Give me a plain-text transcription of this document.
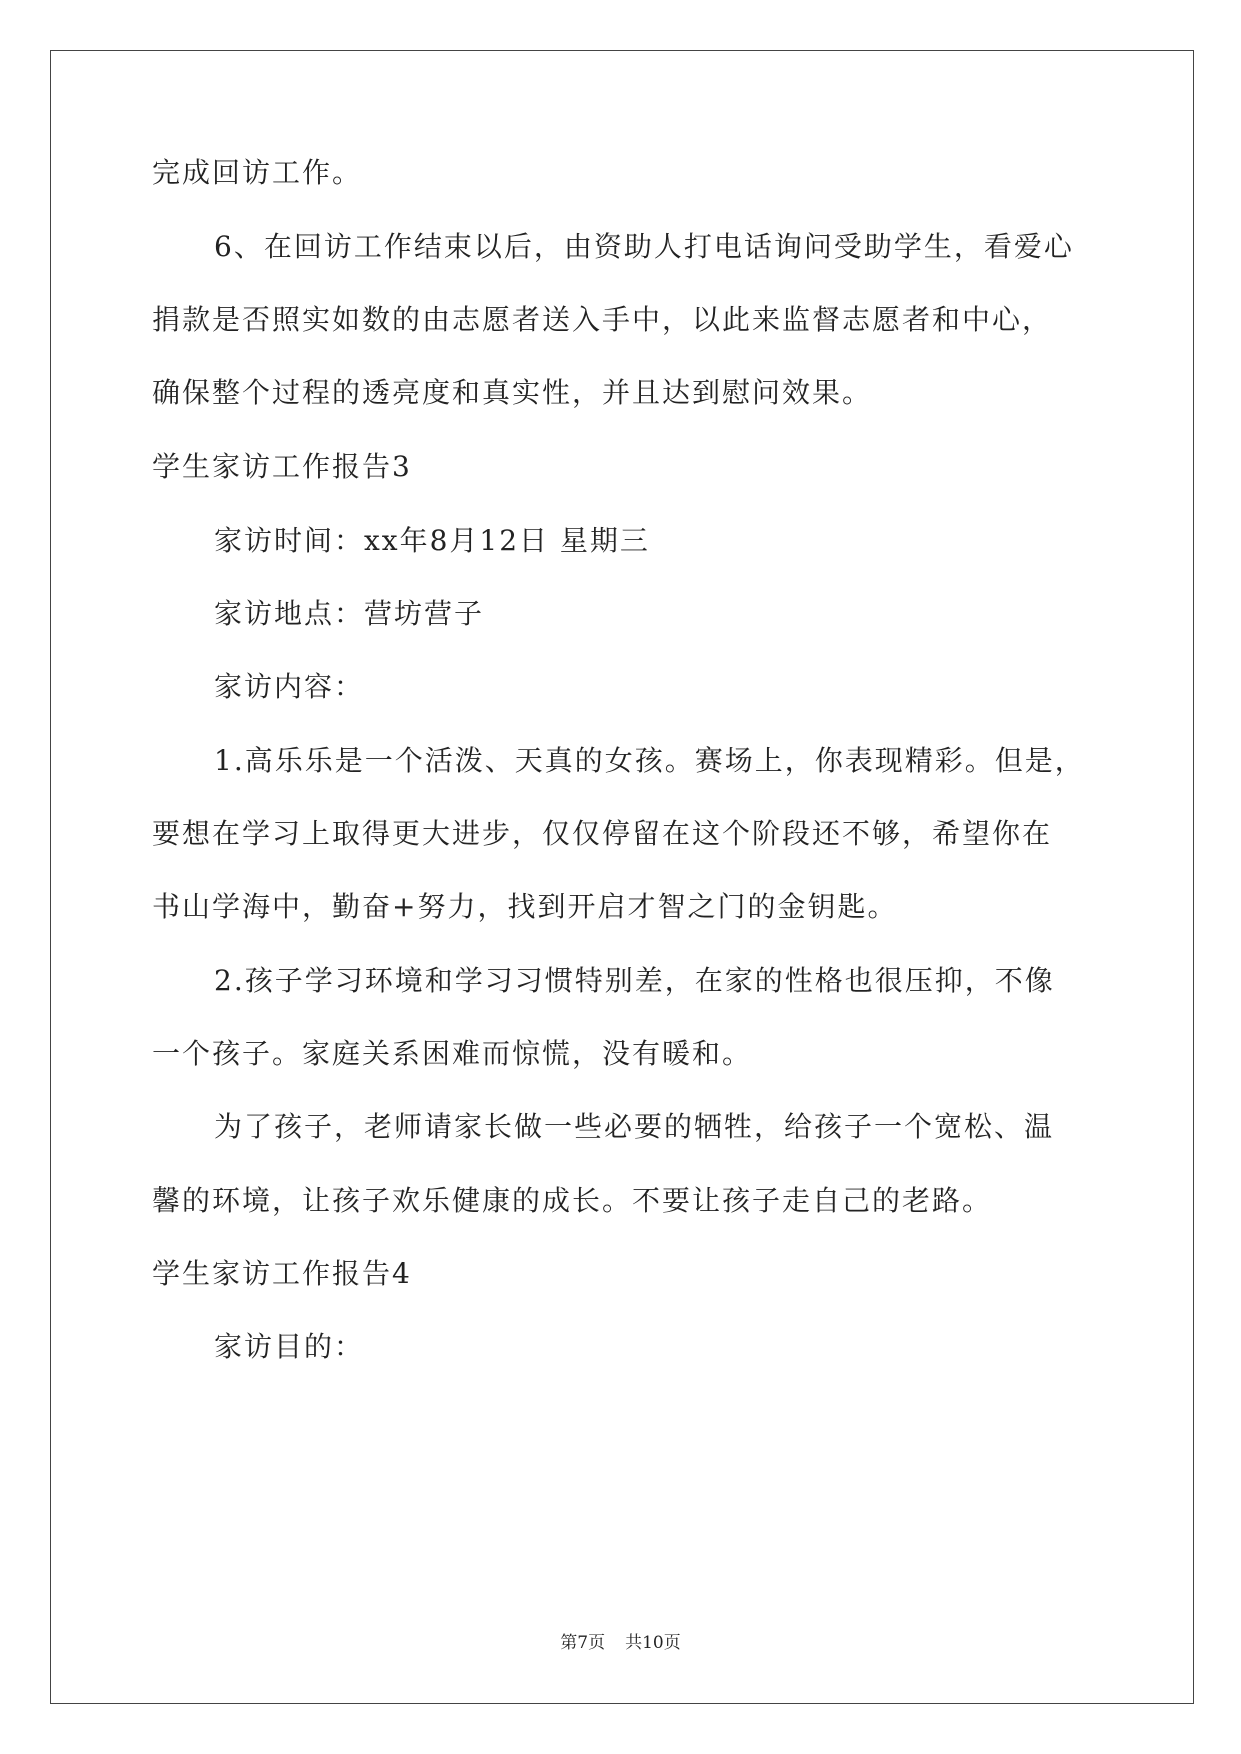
完成回访工作。
6、在回访工作结束以后，由资助人打电话询问受助学生，看爱心
捐款是否照实如数的由志愿者送入手中，以此来监督志愿者和中心，
确保整个过程的透亮度和真实性，并且达到慰问效果。
学生家访工作报告3
家访时间：xx年8月12日 星期三
家访地点：营坊营子
家访内容：
1.高乐乐是一个活泼、天真的女孩。赛场上，你表现精彩。但是，
要想在学习上取得更大进步，仅仅停留在这个阶段还不够，希望你在
书山学海中，勤奋+努力，找到开启才智之门的金钥匙。
2.孩子学习环境和学习习惯特别差，在家的性格也很压抑，不像
一个孩子。家庭关系困难而惊慌，没有暖和。
为了孩子，老师请家长做一些必要的牺牲，给孩子一个宽松、温
馨的环境，让孩子欢乐健康的成长。不要让孩子走自己的老路。
学生家访工作报告4
家访目的：
第7页 共10页
